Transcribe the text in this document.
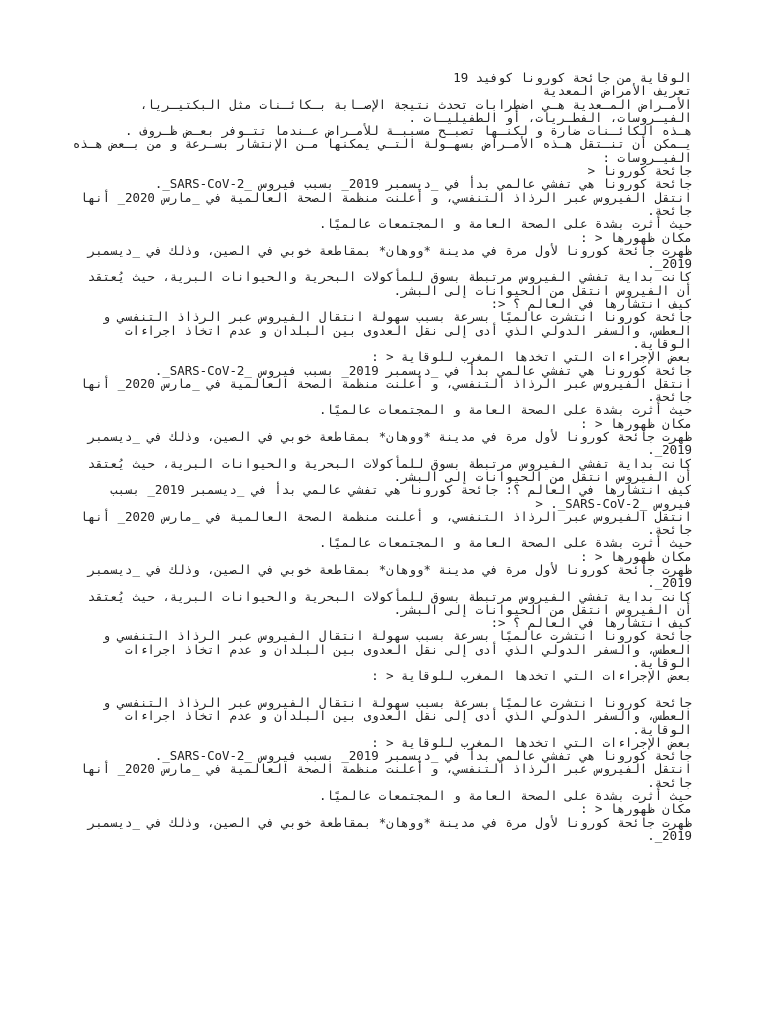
الوقاية من جائحة كورونا كوفيد 19

تعريف الأمراض المعدية

الأمـراض المـعدية هـي اضطرابات تحدث نتيجة الإصـابة بـكائـنات مثل البكتيـريا، الفيـروسات، الفطـريات، أو الطفيليـات .

هـذه الكائـنات ضارة و لكنـها تصبـح مسببـة للأمـراض عـندما تتـوفر بعـض ظـروف .

يـمكن أن تنـتقل هـذه الأمـراض بسهـولة التـي يمكنها مـن الإنتشار بسـرعة و من بـعض هـذه الفيـروسات :

جائحة كورونا <

جائحة كورونا هي تفشي عالمي بدأ في _ديسمبر 2019_ بسبب فيروس _SARS-CoV-2_.

انتقل الفيروس عبر الرذاذ التنفسي، و أعلنت منظمة الصحة العالمية في _مارس 2020_ أنها جائحة.

حيث أثرت بشدة على الصحة العامة و المجتمعات عالميًا.

مكان ظهورها < :

ظهرت جائحة كورونا لأول مرة في مدينة *ووهان* بمقاطعة خوبي في الصين، وذلك في _ديسمبر 2019_.

كانت بداية تفشي الفيروس مرتبطة بسوق للمأكولات البحرية والحيوانات البرية، حيث يُعتقد أن الفيروس انتقل من الحيوانات إلى البشر.

كيف انتشارها في العالم ؟ <:

جائحة كورونا انتشرت عالميًا بسرعة بسبب سهولة انتقال الفيروس عبر الرذاذ التنفسي و العطس، والسفر الدولي الذي أدى إلى نقل العدوى بين البلدان و عدم اتخاذ اجراءات الوقاية.

بعض الإجراءات التي اتخدها المغرب للوقاية < :

جائحة كورونا هي تفشي عالمي بدأ في _ديسمبر 2019_ بسبب فيروس _SARS-CoV-2_.

انتقل الفيروس عبر الرذاذ التنفسي، و أعلنت منظمة الصحة العالمية في _مارس 2020_ أنها جائحة.

حيث أثرت بشدة على الصحة العامة و المجتمعات عالميًا.

مكان ظهورها < :

ظهرت جائحة كورونا لأول مرة في مدينة *ووهان* بمقاطعة خوبي في الصين، وذلك في _ديسمبر 2019_.

كانت بداية تفشي الفيروس مرتبطة بسوق للمأكولات البحرية والحيوانات البرية، حيث يُعتقد أن الفيروس انتقل من الحيوانات إلى البشر.

كيف انتشارها في العالم ؟: جائحة كورونا هي تفشي عالمي بدأ في _ديسمبر 2019_ بسبب فيروس _SARS-CoV-2_. <

انتقل الفيروس عبر الرذاذ التنفسي، و أعلنت منظمة الصحة العالمية في _مارس 2020_ أنها جائحة.

حيث أثرت بشدة على الصحة العامة و المجتمعات عالميًا.

مكان ظهورها < :

ظهرت جائحة كورونا لأول مرة في مدينة *ووهان* بمقاطعة خوبي في الصين، وذلك في _ديسمبر 2019_.

كانت بداية تفشي الفيروس مرتبطة بسوق للمأكولات البحرية والحيوانات البرية، حيث يُعتقد أن الفيروس انتقل من الحيوانات إلى البشر.

كيف انتشارها في العالم ؟ <:

جائحة كورونا انتشرت عالميًا بسرعة بسبب سهولة انتقال الفيروس عبر الرذاذ التنفسي و العطس، والسفر الدولي الذي أدى إلى نقل العدوى بين البلدان و عدم اتخاذ اجراءات الوقاية.

بعض الإجراءات التي اتخدها المغرب للوقاية < :

جائحة كورونا انتشرت عالميًا بسرعة بسبب سهولة انتقال الفيروس عبر الرذاذ التنفسي و العطس، والسفر الدولي الذي أدى إلى نقل العدوى بين البلدان و عدم اتخاذ اجراءات الوقاية.

بعض الإجراءات التي اتخدها المغرب للوقاية < :

جائحة كورونا هي تفشي عالمي بدأ في _ديسمبر 2019_ بسبب فيروس _SARS-CoV-2_.

انتقل الفيروس عبر الرذاذ التنفسي، و أعلنت منظمة الصحة العالمية في _مارس 2020_ أنها جائحة.

حيث أثرت بشدة على الصحة العامة و المجتمعات عالميًا.

مكان ظهورها < :

ظهرت جائحة كورونا لأول مرة في مدينة *ووهان* بمقاطعة خوبي في الصين، وذلك في _ديسمبر 2019_.
